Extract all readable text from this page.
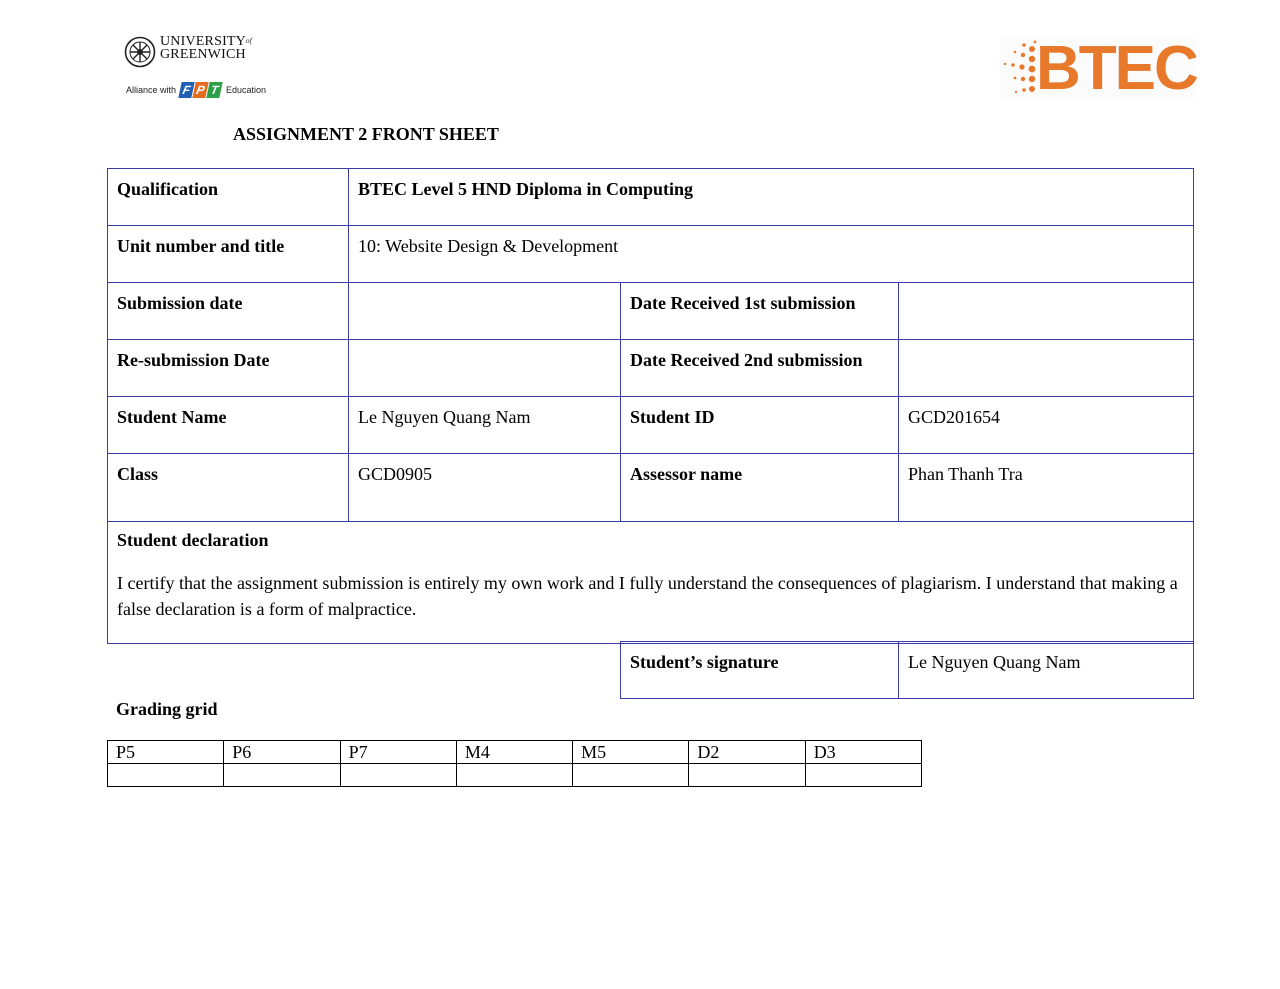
$UNIVERSITY^{of}$
GREENWICH
Alliance with F P T Education	BTEC
ASSIGNMENT 2 FRONT SHEET
Qualification	BTEC Level 5 HND Diploma in Computing		
Unit number and title	10: Website Design & Development		
Submission date		Date Received 1st submission	
Re-submission Date		Date Received 2nd submission	
Student Name	Le Nguyen Quang Nam	Student ID	GCD201654
Class	GCD0905	Assessor name	Phan Thanh Tra

Student declaration
I certify that the assignment submission is entirely my own work and I fully understand the consequences of plagiarism. I understand that making a false declaration is a form of malpractice.			
Student’s signature	Le Nguyen Quang Nam
Grading grid
P5	P6	P7	M4	M5	D2	D3
